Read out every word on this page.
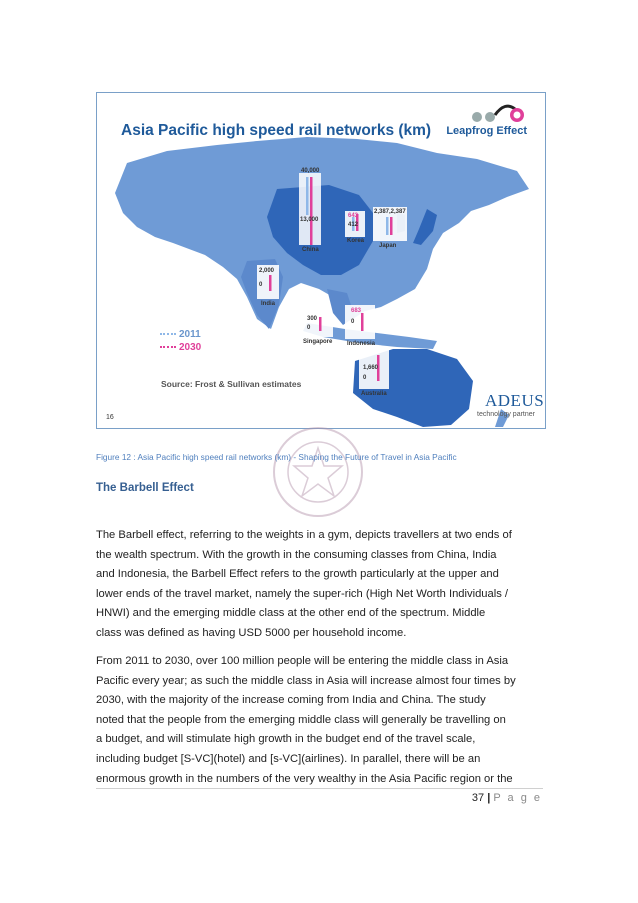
40,000
13,000
China
643
412
Korea
2,387,2,387
Japan
2,000
0
India
300
0
Singapore
683
0
Indonesia
1,660
0
Australia
Asia Pacific high speed rail networks (km) Leapfrog Effect
2011
2030
Source: Frost & Sullivan estimates
16
ADEUS
technology partner
Figure 12 : Asia Pacific high speed rail networks (km) - Shaping the Future of Travel in Asia Pacific
The Barbell Effect
The Barbell effect, referring to the weights in a gym, depicts travellers at two ends of
the wealth spectrum. With the growth in the consuming classes from China, India
and Indonesia, the Barbell Effect refers to the growth particularly at the upper and
lower ends of the travel market, namely the super-rich (High Net Worth Individuals /
HNWI) and the emerging middle class at the other end of the spectrum. Middle
class was defined as having USD 5000 per household income.
From 2011 to 2030, over 100 million people will be entering the middle class in Asia
Pacific every year; as such the middle class in Asia will increase almost four times by
2030, with the majority of the increase coming from India and China. The study
noted that the people from the emerging middle class will generally be travelling on
a budget, and will stimulate high growth in the budget end of the travel scale,
including budget [S-VC](hotel) and [s-VC](airlines). In parallel, there will be an
enormous growth in the numbers of the very wealthy in the Asia Pacific region or the
37 | P a g e
